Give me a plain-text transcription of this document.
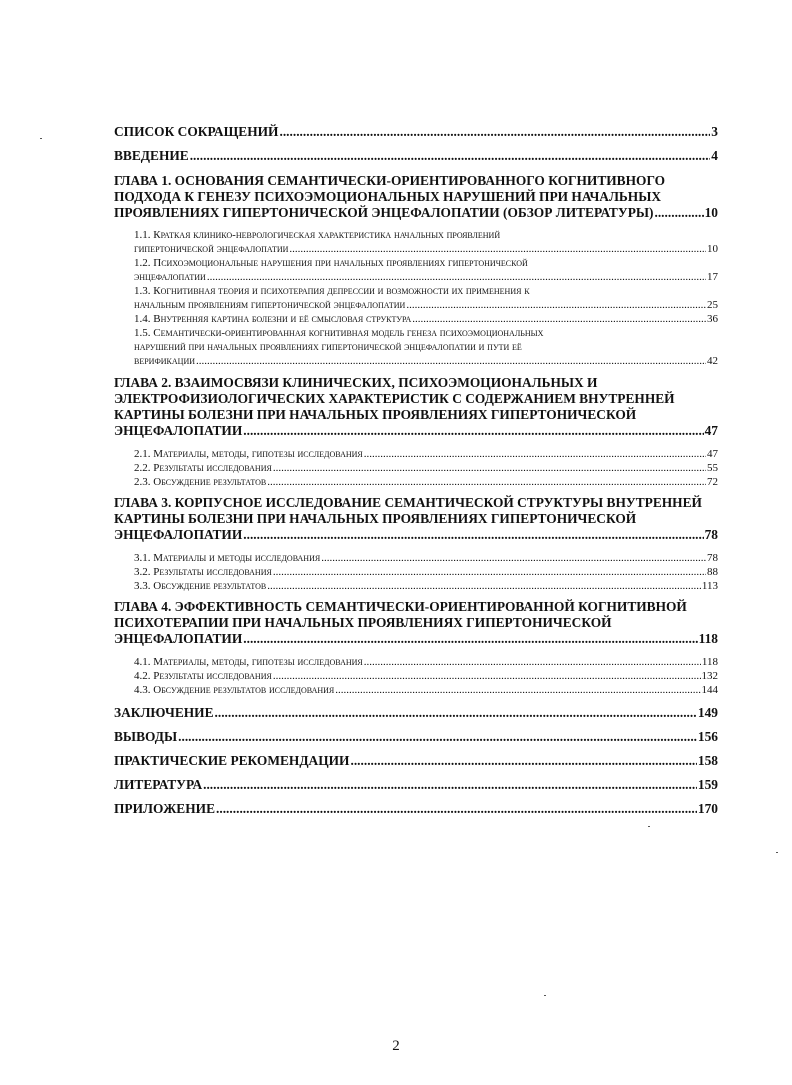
СПИСОК СОКРАЩЕНИЙ .....	3
ВВЕДЕНИЕ .....	4
ГЛАВА 1. ОСНОВАНИЯ СЕМАНТИЧЕСКИ-ОРИЕНТИРОВАННОГО КОГНИТИВНОГО
ПОДХОДА К ГЕНЕЗУ ПСИХОЭМОЦИОНАЛЬНЫХ НАРУШЕНИЙ ПРИ НАЧАЛЬНЫХ
ПРОЯВЛЕНИЯХ ГИПЕРТОНИЧЕСКОЙ ЭНЦЕФАЛОПАТИИ (ОБЗОР ЛИТЕРАТУРЫ) .....	10
1.1. Краткая клинико-неврологическая характеристика начальных проявлений
гипертонической энцефалопатии .....	10
1.2. Психоэмоциональные нарушения при начальных проявлениях гипертонической
энцефалопатии .....	17
1.3. Когнитивная теория и психотерапия депрессии и возможности их применения к
начальным проявлениям гипертонической энцефалопатии .....	25
1.4. Внутренняя картина болезни и её смысловая структура .....	36
1.5. Семантически-ориентированная когнитивная модель генеза психоэмоциональных
нарушений при начальных проявлениях гипертонической энцефалопатии и пути её
верификации .....	42
ГЛАВА 2. ВЗАИМОСВЯЗИ КЛИНИЧЕСКИХ, ПСИХОЭМОЦИОНАЛЬНЫХ И
ЭЛЕКТРОФИЗИОЛОГИЧЕСКИХ ХАРАКТЕРИСТИК С СОДЕРЖАНИЕМ ВНУТРЕННЕЙ
КАРТИНЫ БОЛЕЗНИ ПРИ НАЧАЛЬНЫХ ПРОЯВЛЕНИЯХ ГИПЕРТОНИЧЕСКОЙ
ЭНЦЕФАЛОПАТИИ .....	47
2.1. Материалы, методы, гипотезы исследования .....	47
2.2. Результаты исследования .....	55
2.3. Обсуждение результатов .....	72
ГЛАВА 3. КОРПУСНОЕ ИССЛЕДОВАНИЕ СЕМАНТИЧЕСКОЙ СТРУКТУРЫ ВНУТРЕННЕЙ
КАРТИНЫ БОЛЕЗНИ ПРИ НАЧАЛЬНЫХ ПРОЯВЛЕНИЯХ ГИПЕРТОНИЧЕСКОЙ
ЭНЦЕФАЛОПАТИИ .....	78
3.1. Материалы и методы исследования .....	78
3.2. Результаты исследования .....	88
3.3. Обсуждение результатов .....	113
ГЛАВА 4. ЭФФЕКТИВНОСТЬ СЕМАНТИЧЕСКИ-ОРИЕНТИРОВАННОЙ КОГНИТИВНОЙ
ПСИХОТЕРАПИИ ПРИ НАЧАЛЬНЫХ ПРОЯВЛЕНИЯХ ГИПЕРТОНИЧЕСКОЙ
ЭНЦЕФАЛОПАТИИ .....	118
4.1. Материалы, методы, гипотезы исследования .....	118
4.2. Результаты исследования .....	132
4.3. Обсуждение результатов исследования .....	144
ЗАКЛЮЧЕНИЕ .....	149
ВЫВОДЫ .....	156
ПРАКТИЧЕСКИЕ РЕКОМЕНДАЦИИ .....	158
ЛИТЕРАТУРА .....	159
ПРИЛОЖЕНИЕ .....	170
2
